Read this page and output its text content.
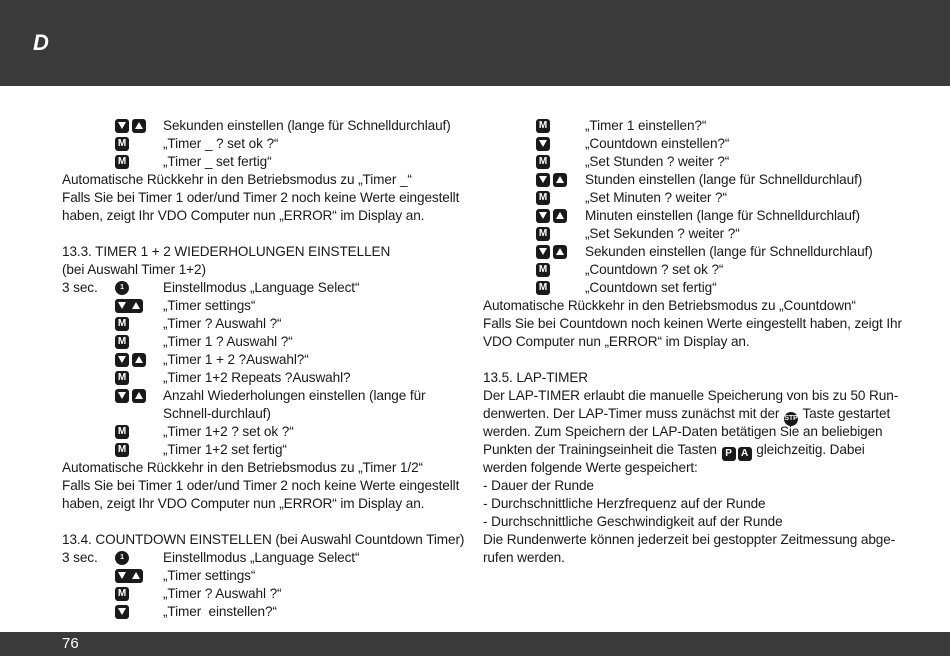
D
Sekunden einstellen (lange für Schnelldurchlauf)
M	„Timer _ ? set ok ?“
M	„Timer _ set fertig“
Automatische Rückkehr in den Betriebsmodus zu „Timer _“
Falls Sie bei Timer 1 oder/und Timer 2 noch keine Werte eingestellt
haben, zeigt Ihr VDO Computer nun „ERROR“ im Display an.
13.3. TIMER 1 + 2 WIEDERHOLUNGEN EINSTELLEN
(bei Auswahl Timer 1+2)
3 sec.	1	Einstellmodus „Language Select“
„Timer settings“
M	„Timer ? Auswahl ?“
M	„Timer 1 ? Auswahl ?“
„Timer 1 + 2 ?Auswahl?“
M	„Timer 1+2 Repeats ?Auswahl?
Anzahl Wiederholungen einstellen (lange für Schnell-durchlauf)
M	„Timer 1+2 ? set ok ?“
M	„Timer 1+2 set fertig“
Automatische Rückkehr in den Betriebsmodus zu „Timer 1/2“
Falls Sie bei Timer 1 oder/und Timer 2 noch keine Werte eingestellt
haben, zeigt Ihr VDO Computer nun „ERROR“ im Display an.
13.4. COUNTDOWN EINSTELLEN (bei Auswahl Countdown Timer)
3 sec.	1	Einstellmodus „Language Select“
„Timer settings“
M	„Timer ? Auswahl ?“
„Timer  einstellen?“
M	„Timer 1 einstellen?“
„Countdown einstellen?“
M	„Set Stunden ? weiter ?“
Stunden einstellen (lange für Schnelldurchlauf)
M	„Set Minuten ? weiter ?“
Minuten einstellen (lange für Schnelldurchlauf)
M	„Set Sekunden ? weiter ?“
Sekunden einstellen (lange für Schnelldurchlauf)
M	„Countdown ? set ok ?“
M	„Countdown set fertig“
Automatische Rückkehr in den Betriebsmodus zu „Countdown“
Falls Sie bei Countdown noch keinen Werte eingestellt haben, zeigt Ihr
VDO Computer nun „ERROR“ im Display an.
13.5. LAP-TIMER
Der LAP-TIMER erlaubt die manuelle Speicherung von bis zu 50 Run-
denwerten. Der LAP-Timer muss zunächst mit der STP Taste gestartet
werden. Zum Speichern der LAP-Daten betätigen Sie an beliebigen
Punkten der Trainingseinheit die Tasten P A gleichzeitig. Dabei
werden folgende Werte gespeichert:
- Dauer der Runde
- Durchschnittliche Herzfrequenz auf der Runde
- Durchschnittliche Geschwindigkeit auf der Runde
Die Rundenwerte können jederzeit bei gestoppter Zeitmessung abge-
rufen werden.
76
